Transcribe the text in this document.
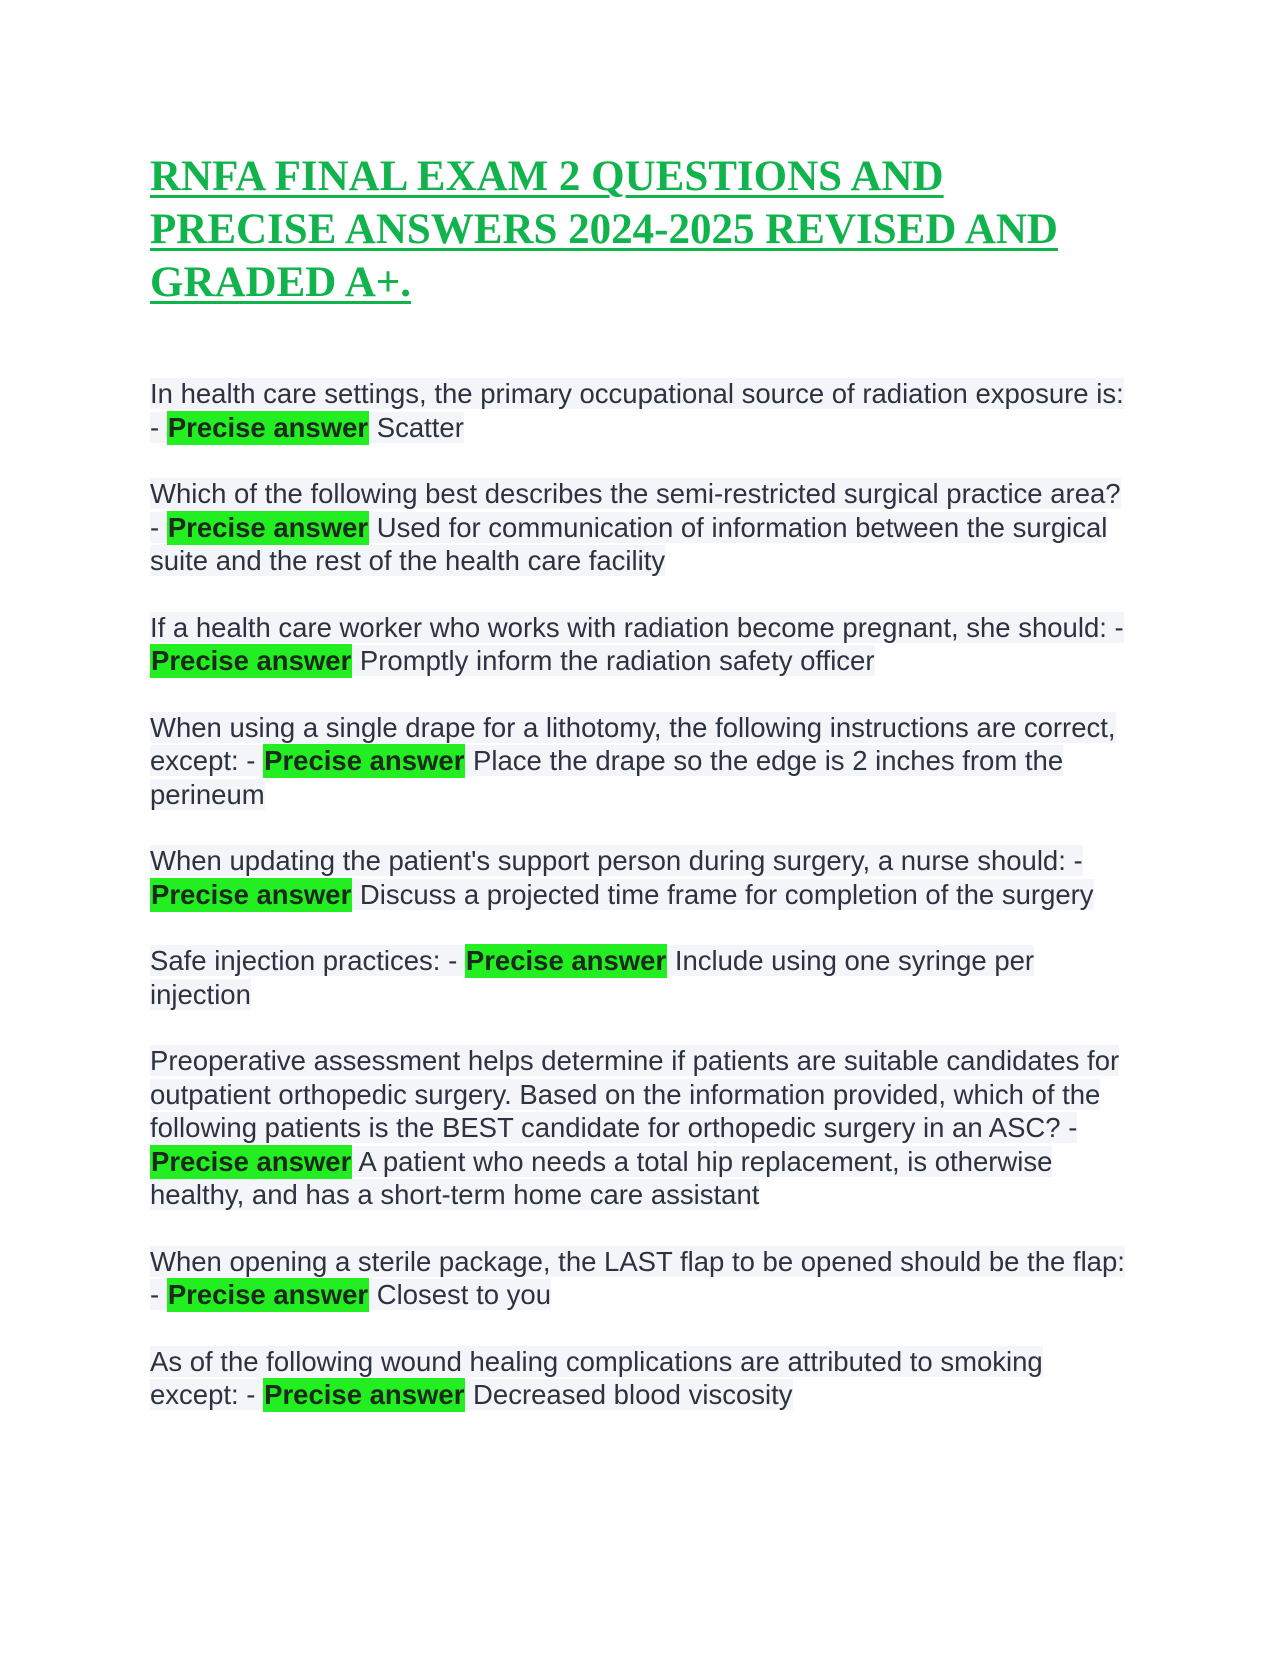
RNFA FINAL EXAM 2 QUESTIONS AND PRECISE ANSWERS 2024-2025 REVISED AND GRADED A+.

In health care settings, the primary occupational source of radiation exposure is: - Precise answer Scatter

Which of the following best describes the semi-restricted surgical practice area? - Precise answer Used for communication of information between the surgical suite and the rest of the health care facility

If a health care worker who works with radiation become pregnant, she should: - Precise answer Promptly inform the radiation safety officer

When using a single drape for a lithotomy, the following instructions are correct, except: - Precise answer Place the drape so the edge is 2 inches from the perineum

When updating the patient's support person during surgery, a nurse should: - Precise answer Discuss a projected time frame for completion of the surgery

Safe injection practices: - Precise answer Include using one syringe per injection

Preoperative assessment helps determine if patients are suitable candidates for outpatient orthopedic surgery. Based on the information provided, which of the following patients is the BEST candidate for orthopedic surgery in an ASC? - Precise answer A patient who needs a total hip replacement, is otherwise healthy, and has a short-term home care assistant

When opening a sterile package, the LAST flap to be opened should be the flap: - Precise answer Closest to you

As of the following wound healing complications are attributed to smoking except: - Precise answer Decreased blood viscosity
